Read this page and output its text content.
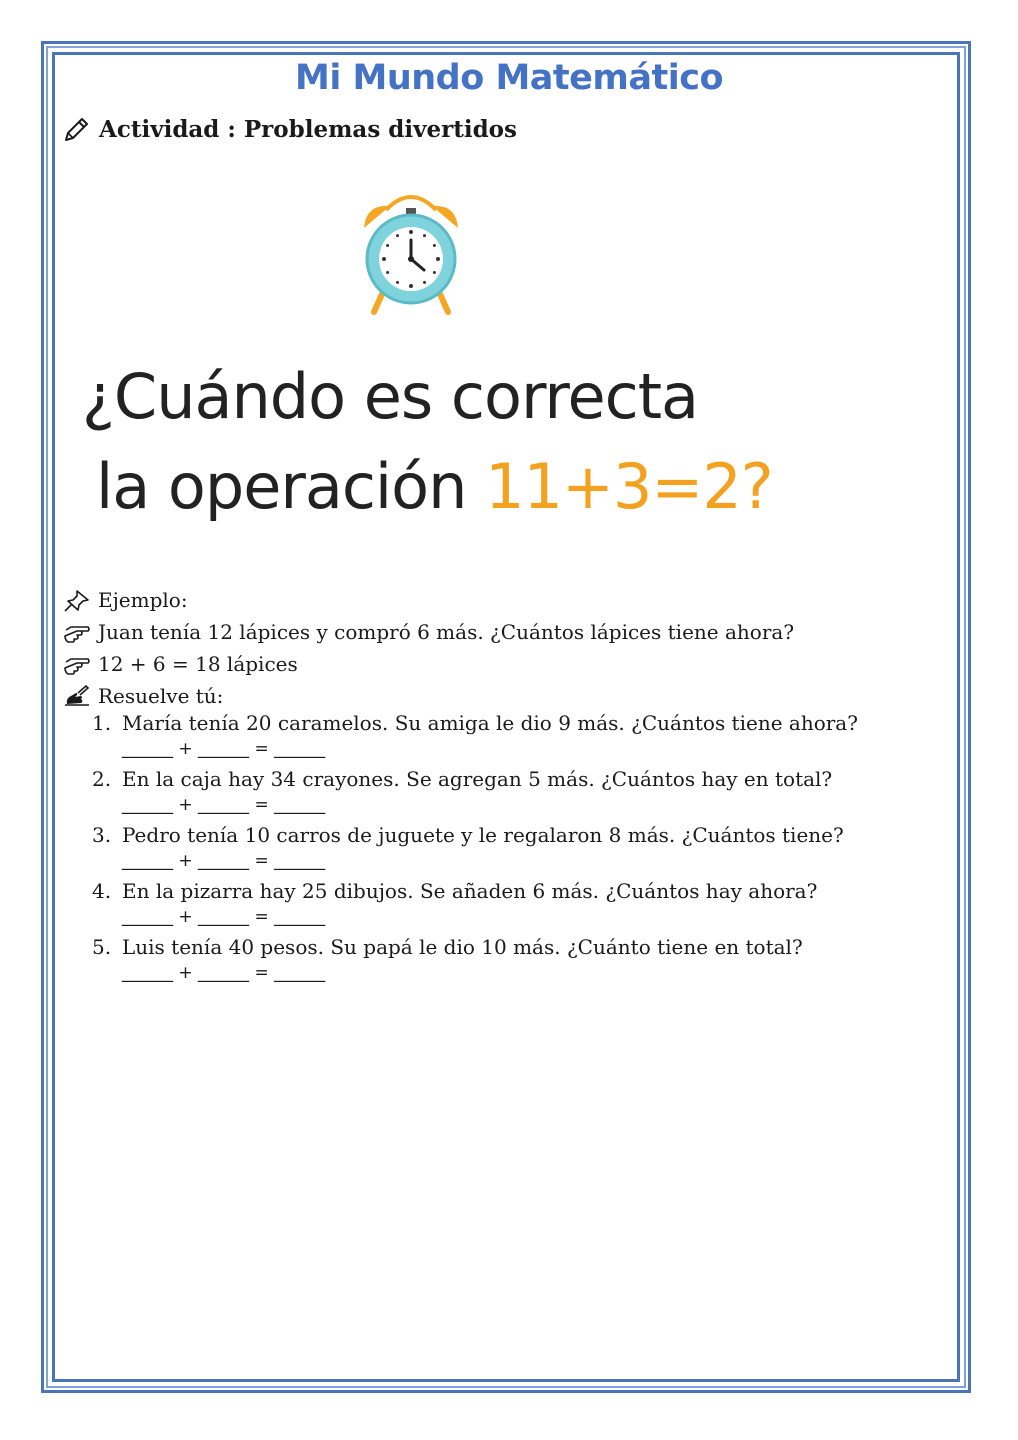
Mi Mundo Matemático
Actividad : Problemas divertidos
¿Cuándo es correcta
la operación 11+3=2?
Ejemplo:
Juan tenía 12 lápices y compró 6 más. ¿Cuántos lápices tiene ahora?
12 + 6 = 18 lápices
Resuelve tú:
1. María tenía 20 caramelos. Su amiga le dio 9 más. ¿Cuántos tiene ahora?
______ + ______ = ______
2. En la caja hay 34 crayones. Se agregan 5 más. ¿Cuántos hay en total?
______ + ______ = ______
3. Pedro tenía 10 carros de juguete y le regalaron 8 más. ¿Cuántos tiene?
______ + ______ = ______
4. En la pizarra hay 25 dibujos. Se añaden 6 más. ¿Cuántos hay ahora?
______ + ______ = ______
5. Luis tenía 40 pesos. Su papá le dio 10 más. ¿Cuánto tiene en total?
______ + ______ = ______
